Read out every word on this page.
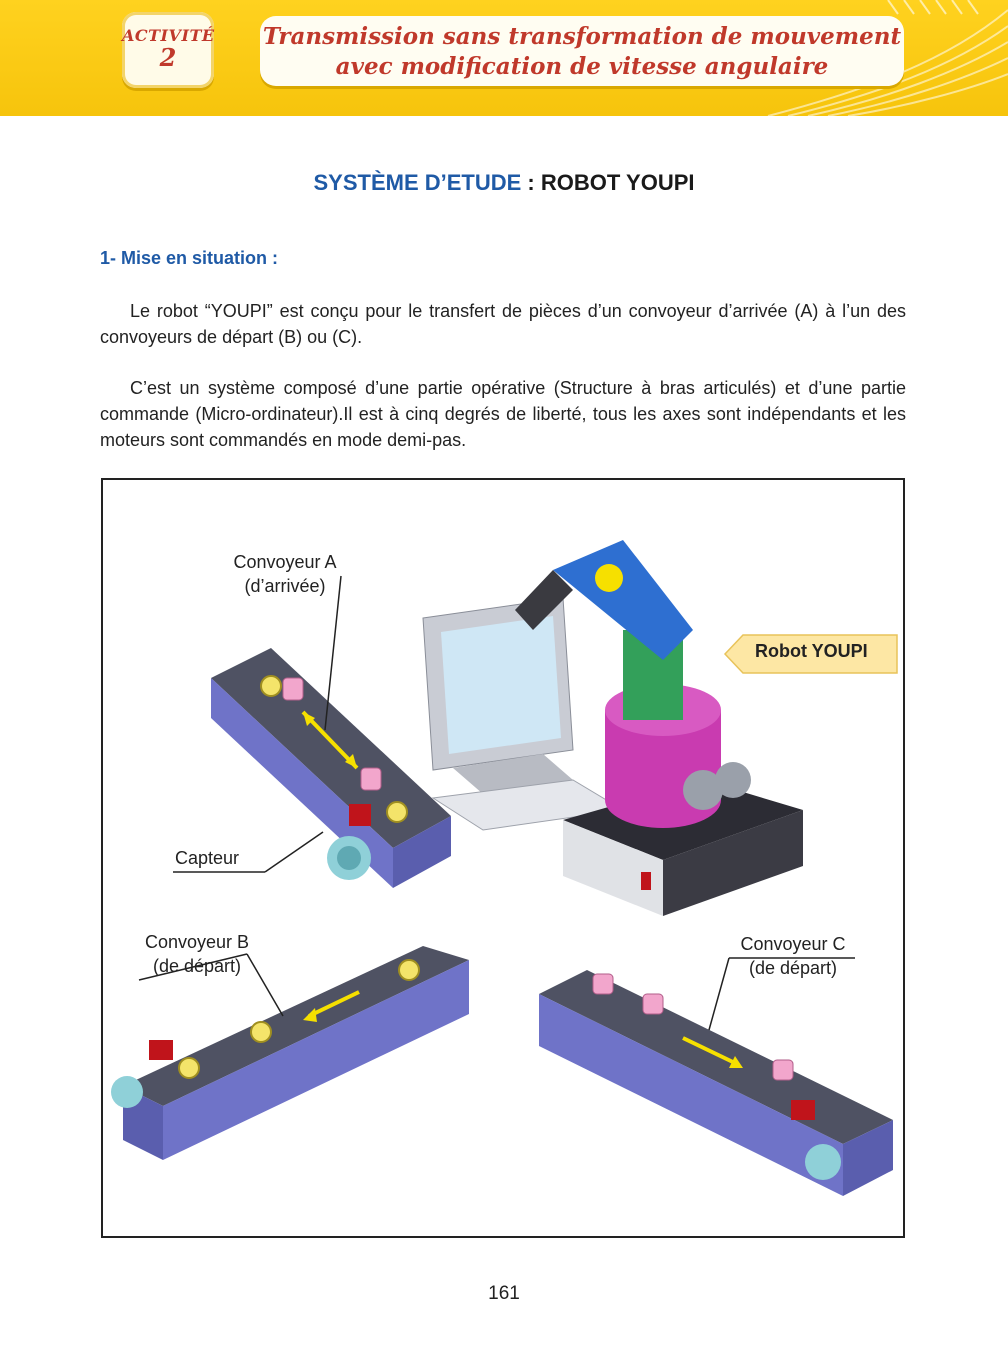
ACTIVITÉ
2
Transmission sans transformation de mouvement
avec modification de vitesse angulaire
SYSTÈME D’ETUDE : ROBOT YOUPI
1- Mise en situation :
Le robot “YOUPI” est conçu pour le transfert de pièces d’un convoyeur d’arrivée (A) à l’un des convoyeurs de départ (B) ou (C).
C’est un système composé d’une partie opérative (Structure à bras articulés) et d’une partie commande (Micro-ordinateur).Il est à cinq degrés de liberté, tous les axes sont indépendants et les moteurs sont commandés en mode demi-pas.
Convoyeur A
(d’arrivée)
Capteur
Convoyeur B
(de départ)
Convoyeur C
(de départ)
Robot YOUPI
161
